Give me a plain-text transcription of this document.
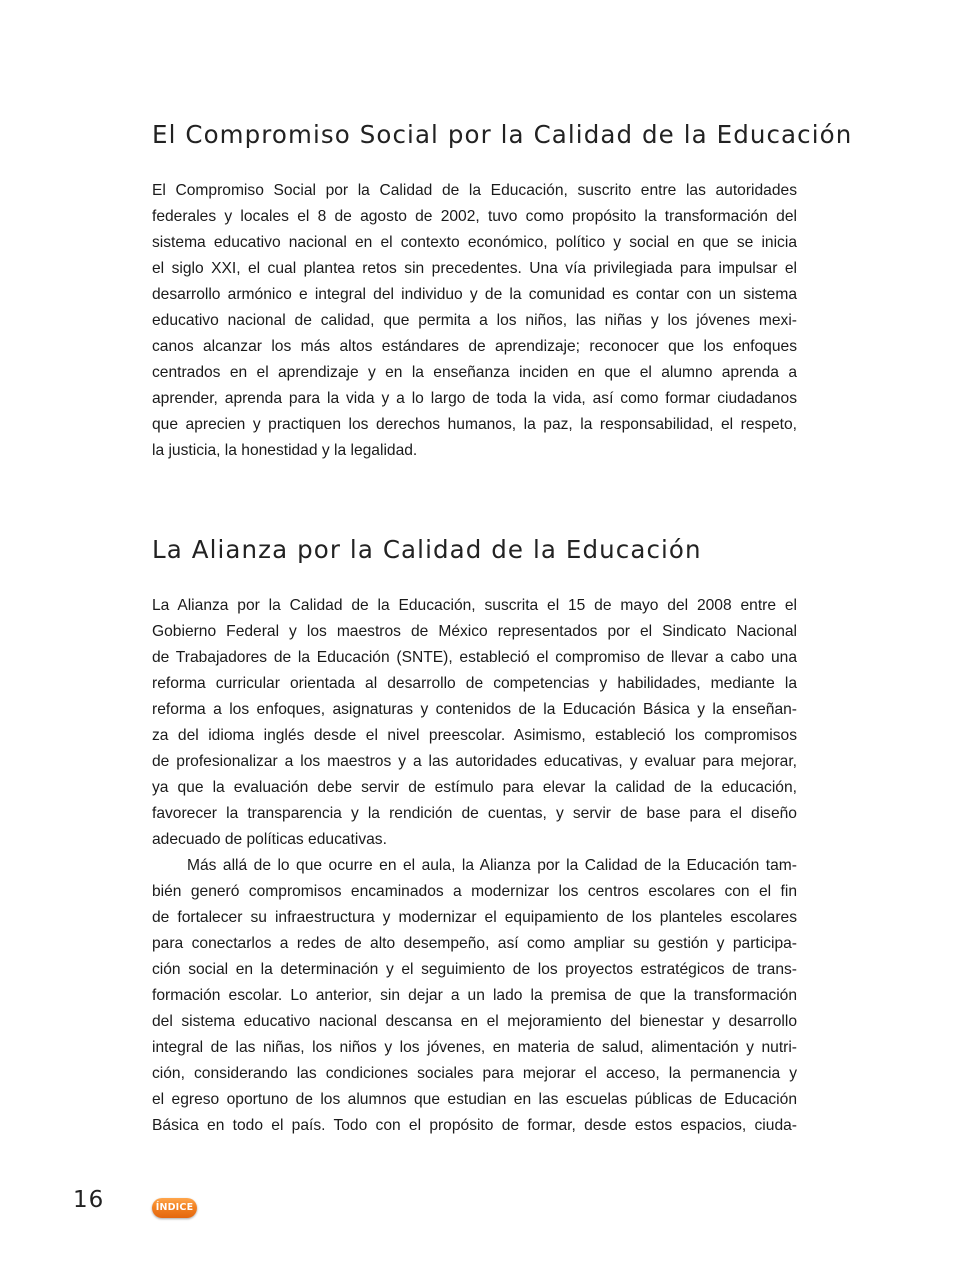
El Compromiso Social por la Calidad de la Educación

El Compromiso Social por la Calidad de la Educación, suscrito entre las autoridades
federales y locales el 8 de agosto de 2002, tuvo como propósito la transformación del
sistema educativo nacional en el contexto económico, político y social en que se inicia
el siglo XXI, el cual plantea retos sin precedentes. Una vía privilegiada para impulsar el
desarrollo armónico e integral del individuo y de la comunidad es contar con un sistema
educativo nacional de calidad, que permita a los niños, las niñas y los jóvenes mexi-
canos alcanzar los más altos estándares de aprendizaje; reconocer que los enfoques
centrados en el aprendizaje y en la enseñanza inciden en que el alumno aprenda a
aprender, aprenda para la vida y a lo largo de toda la vida, así como formar ciudadanos
que aprecien y practiquen los derechos humanos, la paz, la responsabilidad, el respeto,
la justicia, la honestidad y la legalidad.

La Alianza por la Calidad de la Educación

La Alianza por la Calidad de la Educación, suscrita el 15 de mayo del 2008 entre el
Gobierno Federal y los maestros de México representados por el Sindicato Nacional
de Trabajadores de la Educación (SNTE), estableció el compromiso de llevar a cabo una
reforma curricular orientada al desarrollo de competencias y habilidades, mediante la
reforma a los enfoques, asignaturas y contenidos de la Educación Básica y la enseñan-
za del idioma inglés desde el nivel preescolar. Asimismo, estableció los compromisos
de profesionalizar a los maestros y a las autoridades educativas, y evaluar para mejorar,
ya que la evaluación debe servir de estímulo para elevar la calidad de la educación,
favorecer la transparencia y la rendición de cuentas, y servir de base para el diseño
adecuado de políticas educativas.

Más allá de lo que ocurre en el aula, la Alianza por la Calidad de la Educación tam-
bién generó compromisos encaminados a modernizar los centros escolares con el fin
de fortalecer su infraestructura y modernizar el equipamiento de los planteles escolares
para conectarlos a redes de alto desempeño, así como ampliar su gestión y participa-
ción social en la determinación y el seguimiento de los proyectos estratégicos de trans-
formación escolar. Lo anterior, sin dejar a un lado la premisa de que la transformación
del sistema educativo nacional descansa en el mejoramiento del bienestar y desarrollo
integral de las niñas, los niños y los jóvenes, en materia de salud, alimentación y nutri-
ción, considerando las condiciones sociales para mejorar el acceso, la permanencia y
el egreso oportuno de los alumnos que estudian en las escuelas públicas de Educación
Básica en todo el país. Todo con el propósito de formar, desde estos espacios, ciuda-

16	ÍNDICE
